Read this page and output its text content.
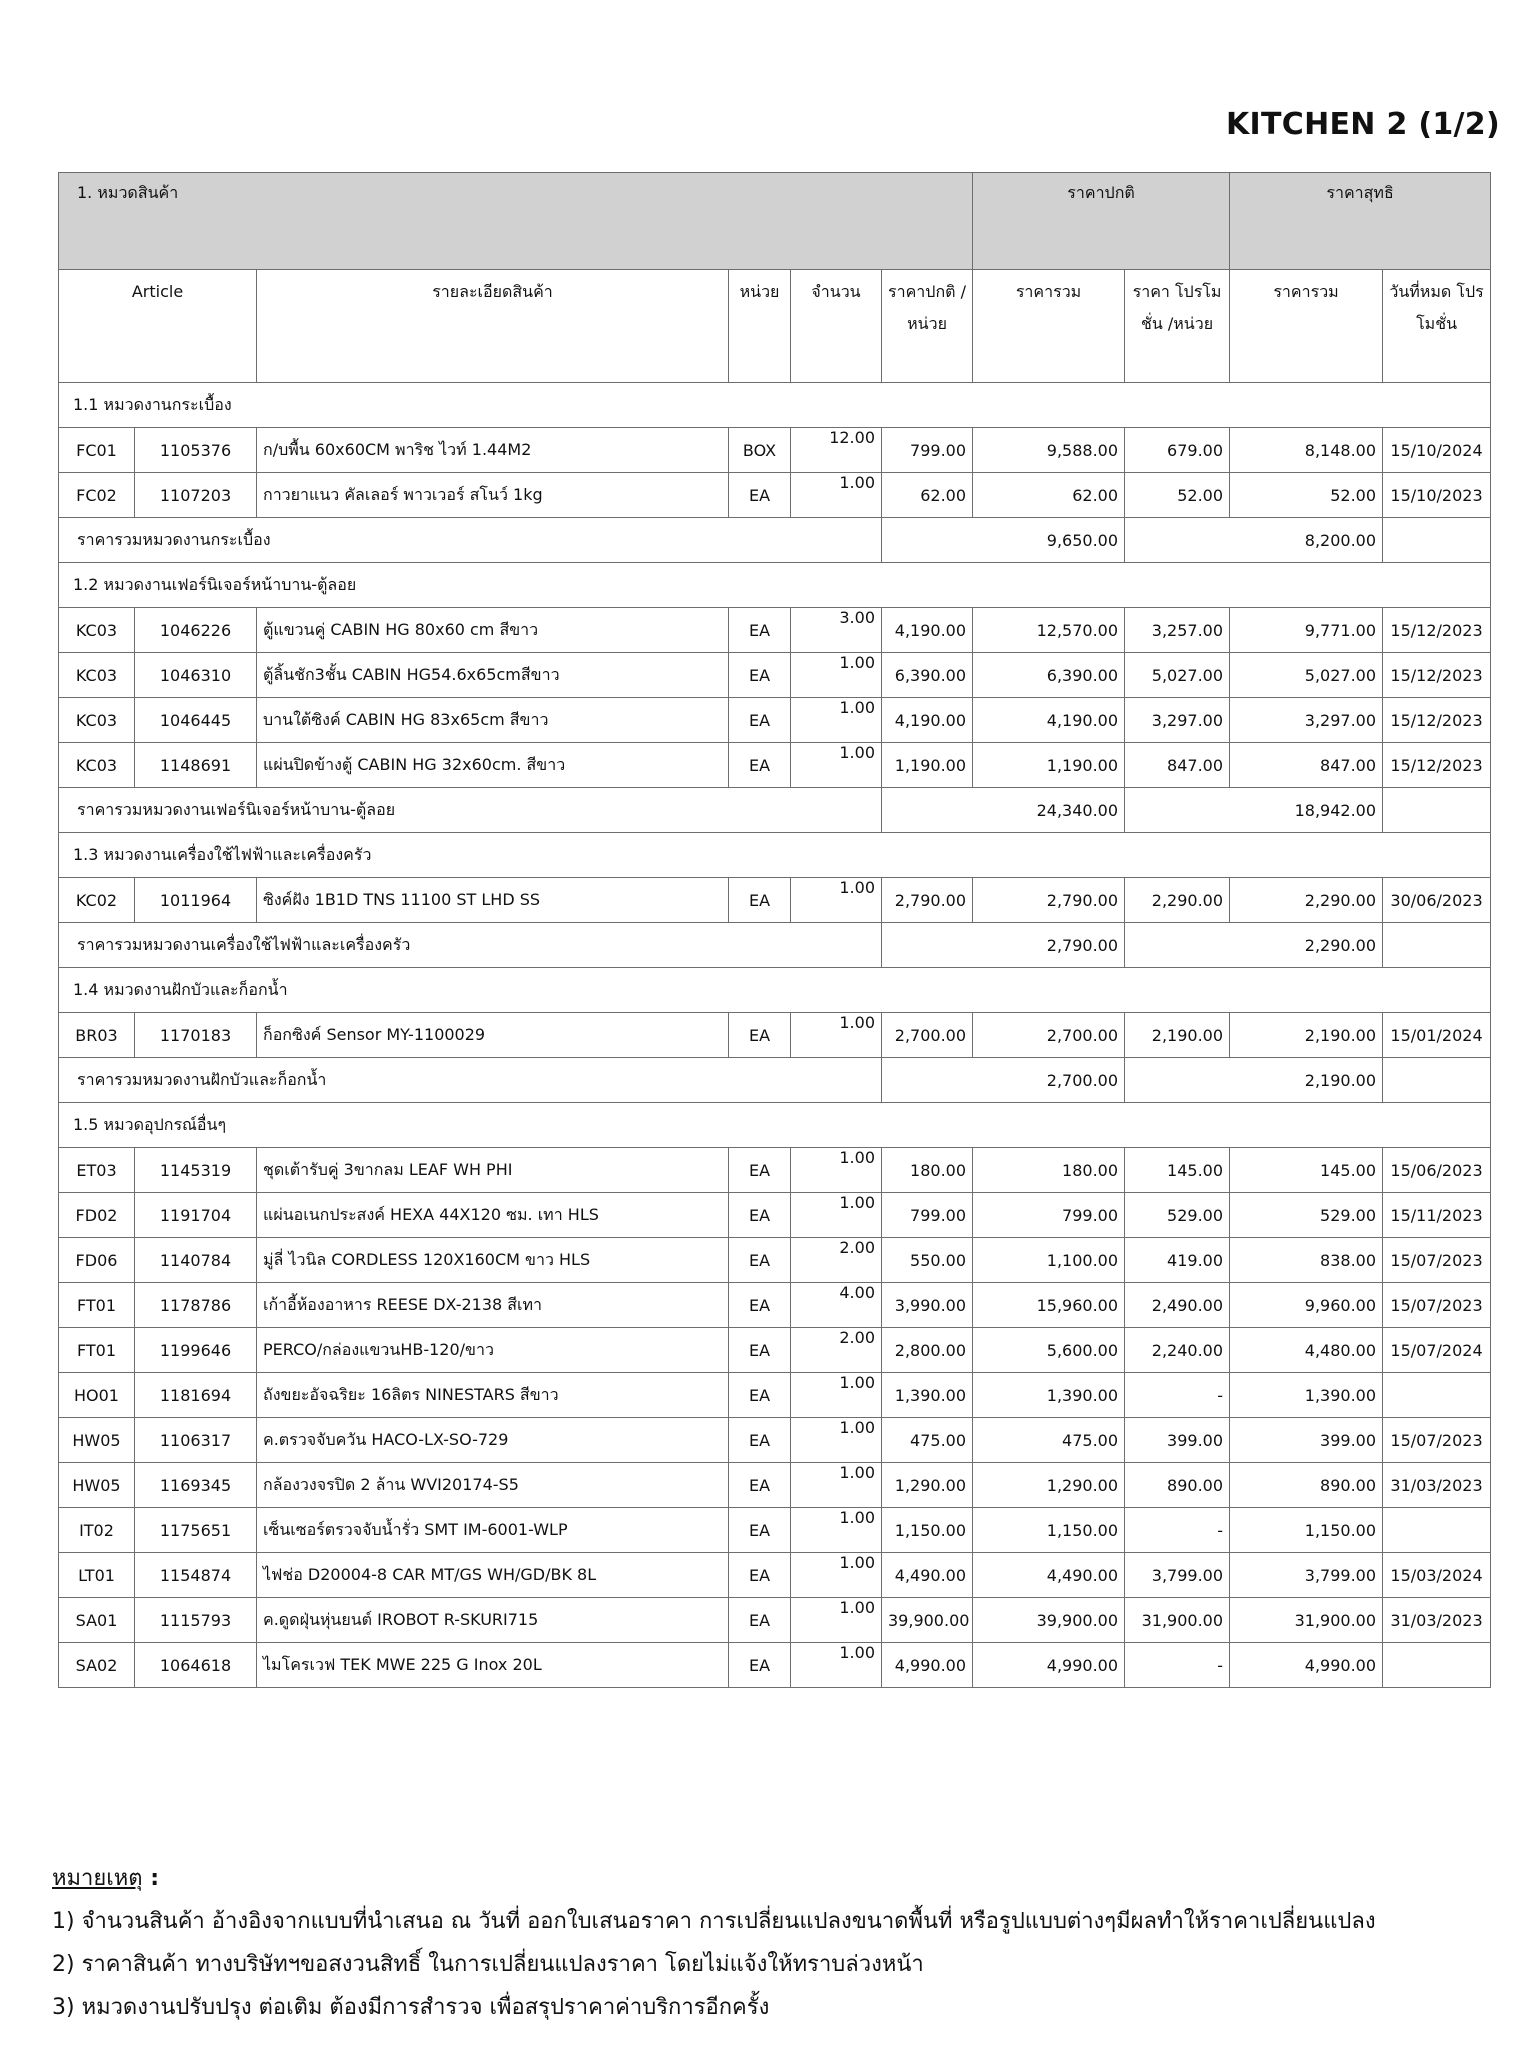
KITCHEN 2 (1/2)
1. หมวดสินค้า						ราคาปกติ		ราคาสุทธิ	
Article		รายละเอียดสินค้า	หน่วย	จำนวน	ราคาปกติ /หน่วย	ราคารวม	ราคา โปรโมชั่น /หน่วย	ราคารวม	วันที่หมด โปรโมชั่น
1.1 หมวดงานกระเบื้อง									
FC01	1105376	ก/บพื้น 60x60CM พาริช ไวท์ 1.44M2	BOX	12.00	799.00	9,588.00	679.00	8,148.00	15/10/2024
FC02	1107203	กาวยาแนว คัลเลอร์ พาวเวอร์ สโนว์ 1kg	EA	1.00	62.00	62.00	52.00	52.00	15/10/2023
ราคารวมหมวดงานกระเบื้อง					9,650.00		8,200.00		
1.2 หมวดงานเฟอร์นิเจอร์หน้าบาน-ตู้ลอย									
KC03	1046226	ตู้แขวนคู่ CABIN HG 80x60 cm สีขาว	EA	3.00	4,190.00	12,570.00	3,257.00	9,771.00	15/12/2023
KC03	1046310	ตู้ลิ้นชัก3ชั้น CABIN HG54.6x65cmสีขาว	EA	1.00	6,390.00	6,390.00	5,027.00	5,027.00	15/12/2023
KC03	1046445	บานใต้ซิงค์ CABIN HG 83x65cm สีขาว	EA	1.00	4,190.00	4,190.00	3,297.00	3,297.00	15/12/2023
KC03	1148691	แผ่นปิดข้างตู้ CABIN HG 32x60cm. สีขาว	EA	1.00	1,190.00	1,190.00	847.00	847.00	15/12/2023
ราคารวมหมวดงานเฟอร์นิเจอร์หน้าบาน-ตู้ลอย					24,340.00		18,942.00		
1.3 หมวดงานเครื่องใช้ไฟฟ้าและเครื่องครัว									
KC02	1011964	ซิงค์ฝัง 1B1D TNS 11100 ST LHD SS	EA	1.00	2,790.00	2,790.00	2,290.00	2,290.00	30/06/2023
ราคารวมหมวดงานเครื่องใช้ไฟฟ้าและเครื่องครัว					2,790.00		2,290.00		
1.4 หมวดงานฝักบัวและก็อกน้ำ									
BR03	1170183	ก็อกซิงค์ Sensor MY-1100029	EA	1.00	2,700.00	2,700.00	2,190.00	2,190.00	15/01/2024
ราคารวมหมวดงานฝักบัวและก็อกน้ำ					2,700.00		2,190.00		
1.5 หมวดอุปกรณ์อื่นๆ									
ET03	1145319	ชุดเต้ารับคู่ 3ขากลม LEAF WH PHI	EA	1.00	180.00	180.00	145.00	145.00	15/06/2023
FD02	1191704	แผ่นอเนกประสงค์ HEXA 44X120 ซม. เทา HLS	EA	1.00	799.00	799.00	529.00	529.00	15/11/2023
FD06	1140784	มู่ลี่ ไวนิล CORDLESS 120X160CM ขาว HLS	EA	2.00	550.00	1,100.00	419.00	838.00	15/07/2023
FT01	1178786	เก้าอี้ห้องอาหาร REESE DX-2138 สีเทา	EA	4.00	3,990.00	15,960.00	2,490.00	9,960.00	15/07/2023
FT01	1199646	PERCO/กล่องแขวนHB-120/ขาว	EA	2.00	2,800.00	5,600.00	2,240.00	4,480.00	15/07/2024
HO01	1181694	ถังขยะอัจฉริยะ 16ลิตร NINESTARS สีขาว	EA	1.00	1,390.00	1,390.00	-	1,390.00	
HW05	1106317	ค.ตรวจจับควัน HACO-LX-SO-729	EA	1.00	475.00	475.00	399.00	399.00	15/07/2023
HW05	1169345	กล้องวงจรปิด 2 ล้าน WVI20174-S5	EA	1.00	1,290.00	1,290.00	890.00	890.00	31/03/2023
IT02	1175651	เซ็นเซอร์ตรวจจับน้ำรั่ว SMT IM-6001-WLP	EA	1.00	1,150.00	1,150.00	-	1,150.00	
LT01	1154874	ไฟช่อ D20004-8 CAR MT/GS WH/GD/BK 8L	EA	1.00	4,490.00	4,490.00	3,799.00	3,799.00	15/03/2024
SA01	1115793	ค.ดูดฝุ่นหุ่นยนต์ IROBOT R-SKURI715	EA	1.00	39,900.00	39,900.00	31,900.00	31,900.00	31/03/2023
SA02	1064618	ไมโครเวฟ TEK MWE 225 G Inox 20L	EA	1.00	4,990.00	4,990.00	-	4,990.00	
หมายเหตุ :
1) จำนวนสินค้า อ้างอิงจากแบบที่นำเสนอ ณ วันที่ ออกใบเสนอราคา การเปลี่ยนแปลงขนาดพื้นที่ หรือรูปแบบต่างๆมีผลทำให้ราคาเปลี่ยนแปลง
2) ราคาสินค้า ทางบริษัทฯขอสงวนสิทธิ์ ในการเปลี่ยนแปลงราคา โดยไม่แจ้งให้ทราบล่วงหน้า
3) หมวดงานปรับปรุง ต่อเติม ต้องมีการสำรวจ เพื่อสรุปราคาค่าบริการอีกครั้ง
